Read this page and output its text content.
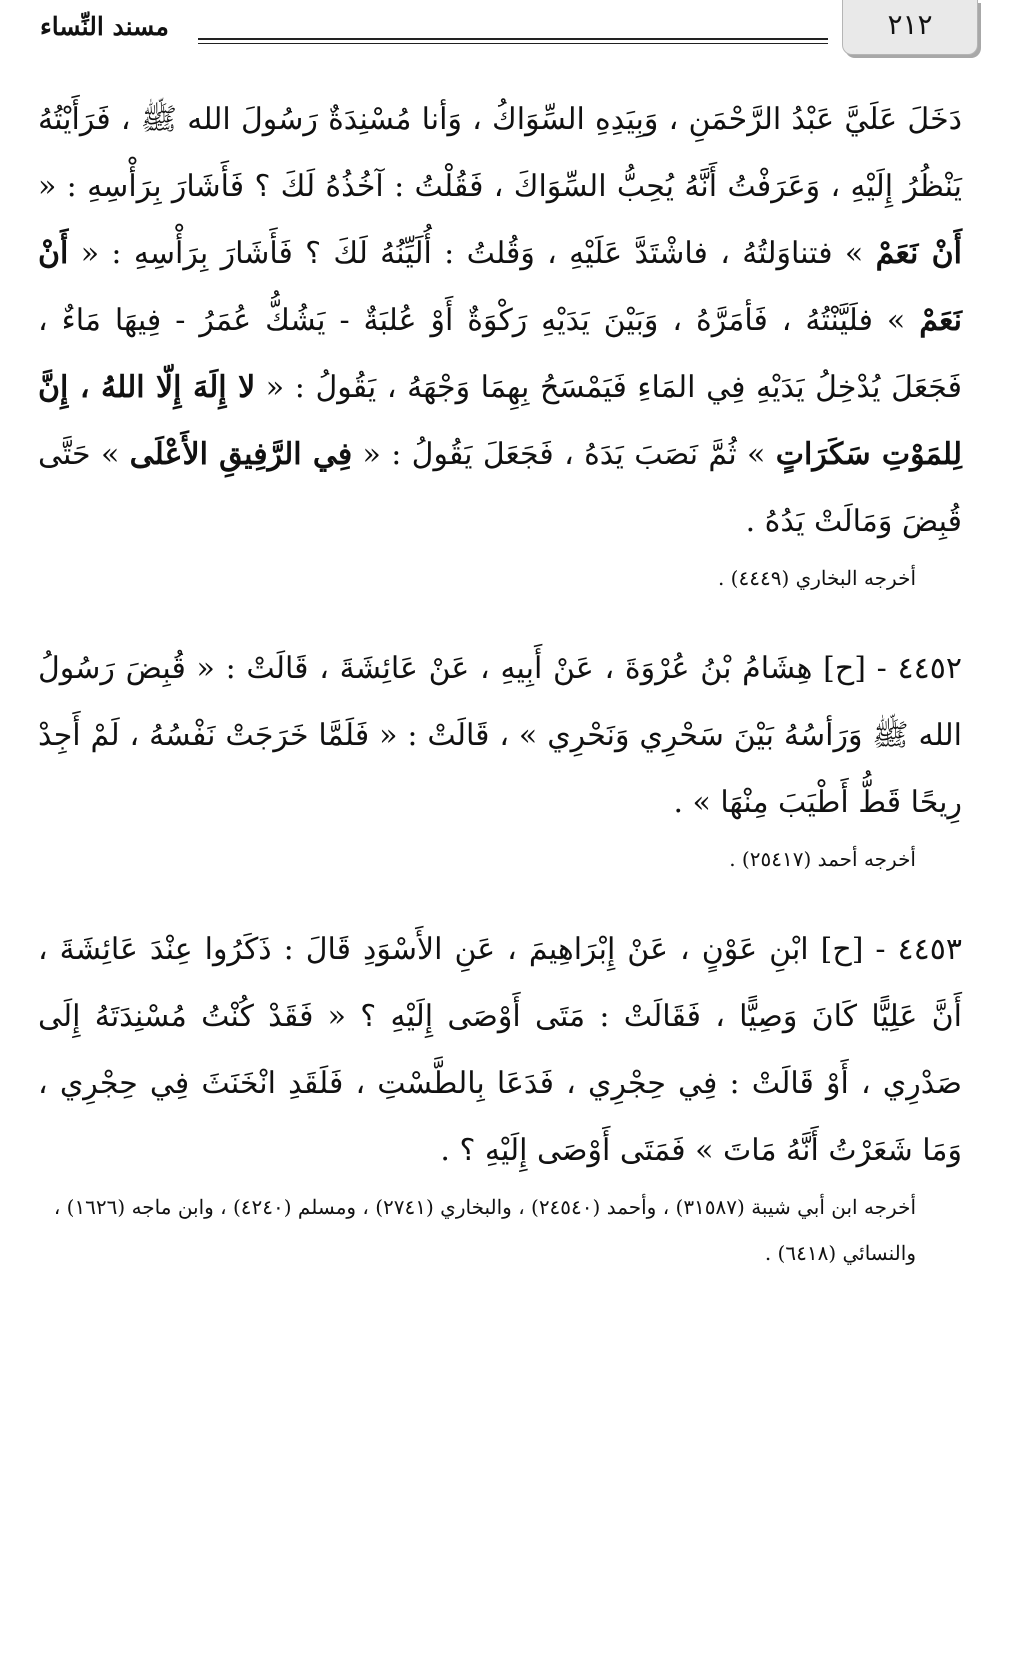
مسند النِّساء	٢١٢

دَخَلَ عَلَيَّ عَبْدُ الرَّحْمَنِ ، وَبِيَدِهِ السِّوَاكُ ، وَأنا مُسْنِدَةٌ رَسُولَ الله ﷺ ، فَرَأَيْتُهُ يَنْظُرُ إِلَيْهِ ، وَعَرَفْتُ أَنَّهُ يُحِبُّ السِّوَاكَ ، فَقُلْتُ : آخُذُهُ لَكَ ؟ فَأَشَارَ بِرَأْسِهِ : « أَنْ نَعَمْ » فتناوَلتُهُ ، فاشْتَدَّ عَلَيْهِ ، وَقُلتُ : أُلَيِّنُهُ لَكَ ؟ فَأَشَارَ بِرَأْسِهِ : « أَنْ نَعَمْ » فلَيَّنْتُهُ ، فَأمَرَّهُ ، وَبَيْنَ يَدَيْهِ رَكْوَةٌ أَوْ عُلبَةٌ - يَشُكُّ عُمَرُ - فِيهَا مَاءٌ ، فَجَعَلَ يُدْخِلُ يَدَيْهِ فِي المَاءِ فَيَمْسَحُ بِهِمَا وَجْهَهُ ، يَقُولُ : « لا إِلَهَ إِلّا اللهُ ، إِنَّ لِلمَوْتِ سَكَرَاتٍ » ثُمَّ نَصَبَ يَدَهُ ، فَجَعَلَ يَقُولُ : « فِي الرَّفِيقِ الأَعْلَى » حَتَّى قُبِضَ وَمَالَتْ يَدُهُ .

أخرجه البخاري (٤٤٤٩) .

٤٤٥٢ - [ح] هِشَامُ بْنُ عُرْوَةَ ، عَنْ أَبِيهِ ، عَنْ عَائِشَةَ ، قَالَتْ : « قُبِضَ رَسُولُ الله ﷺ وَرَأسُهُ بَيْنَ سَحْرِي وَنَحْرِي » ، قَالَتْ : « فَلَمَّا خَرَجَتْ نَفْسُهُ ، لَمْ أَجِدْ رِيحًا قَطُّ أَطْيَبَ مِنْهَا » .

أخرجه أحمد (٢٥٤١٧) .

٤٤٥٣ - [ح] ابْنِ عَوْنٍ ، عَنْ إِبْرَاهِيمَ ، عَنِ الأَسْوَدِ قَالَ : ذَكَرُوا عِنْدَ عَائِشَةَ ، أَنَّ عَلِيًّا كَانَ وَصِيًّا ، فَقَالَتْ : مَتَى أَوْصَى إِلَيْهِ ؟ « فَقَدْ كُنْتُ مُسْنِدَتَهُ إِلَى صَدْرِي ، أَوْ قَالَتْ : فِي حِجْرِي ، فَدَعَا بِالطَّسْتِ ، فَلَقَدِ انْخَنَثَ فِي حِجْرِي ، وَمَا شَعَرْتُ أَنَّهُ مَاتَ » فَمَتَى أَوْصَى إِلَيْهِ ؟ .

أخرجه ابن أبي شيبة (٣١٥٨٧) ، وأحمد (٢٤٥٤٠) ، والبخاري (٢٧٤١) ، ومسلم (٤٢٤٠) ، وابن ماجه (١٦٢٦) ، والنسائي (٦٤١٨) .
